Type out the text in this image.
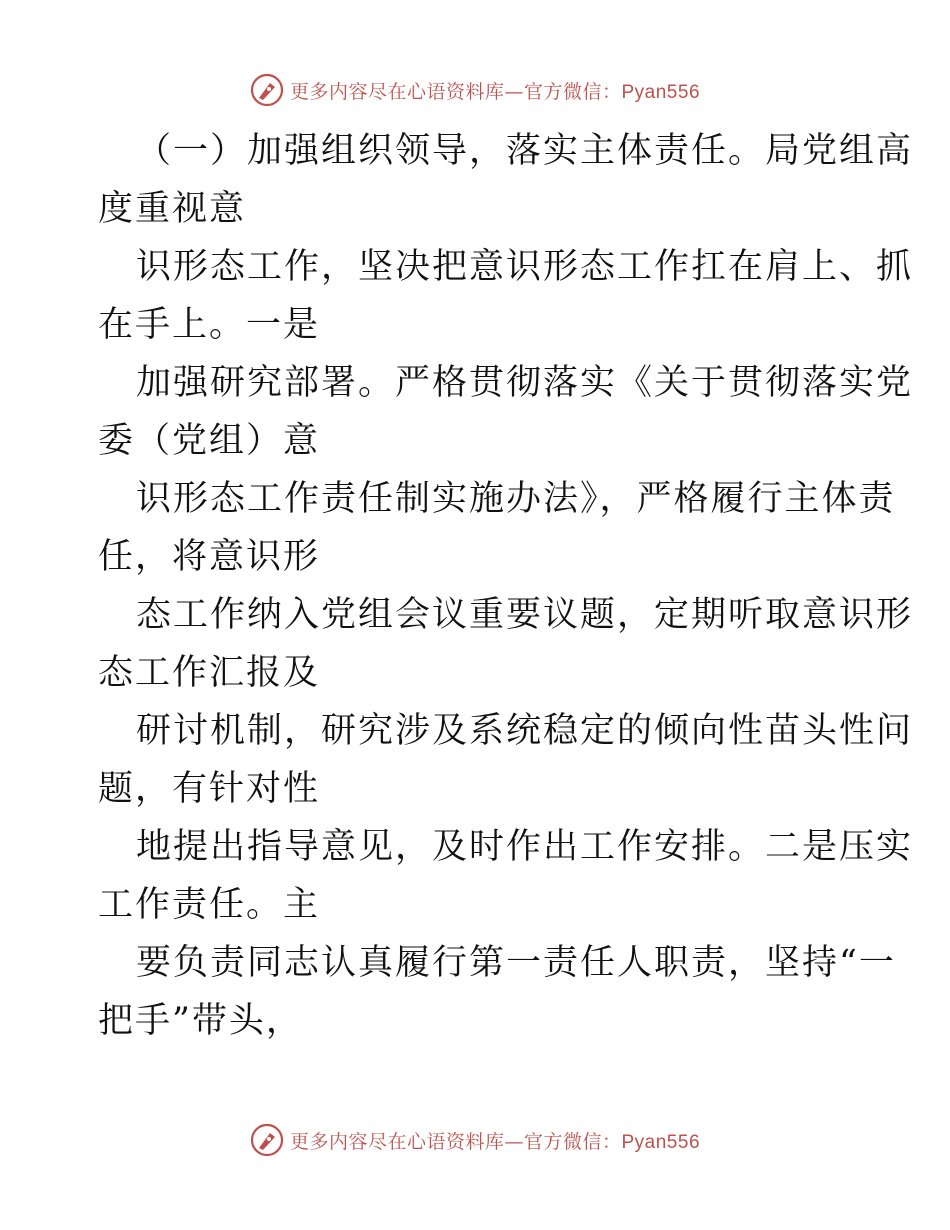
更多内容尽在心语资料库—官方微信：Pyan556

（一）加强组织领导，落实主体责任。局党组高
度重视意

识形态工作，坚决把意识形态工作扛在肩上、抓
在手上。一是

加强研究部署。严格贯彻落实《关于贯彻落实党
委（党组）意

识形态工作责任制实施办法》，严格履行主体责
任，将意识形

态工作纳入党组会议重要议题，定期听取意识形
态工作汇报及

研讨机制，研究涉及系统稳定的倾向性苗头性问
题，有针对性

地提出指导意见，及时作出工作安排。二是压实
工作责任。主

要负责同志认真履行第一责任人职责，坚持“一
把手”带头，

更多内容尽在心语资料库—官方微信：Pyan556
